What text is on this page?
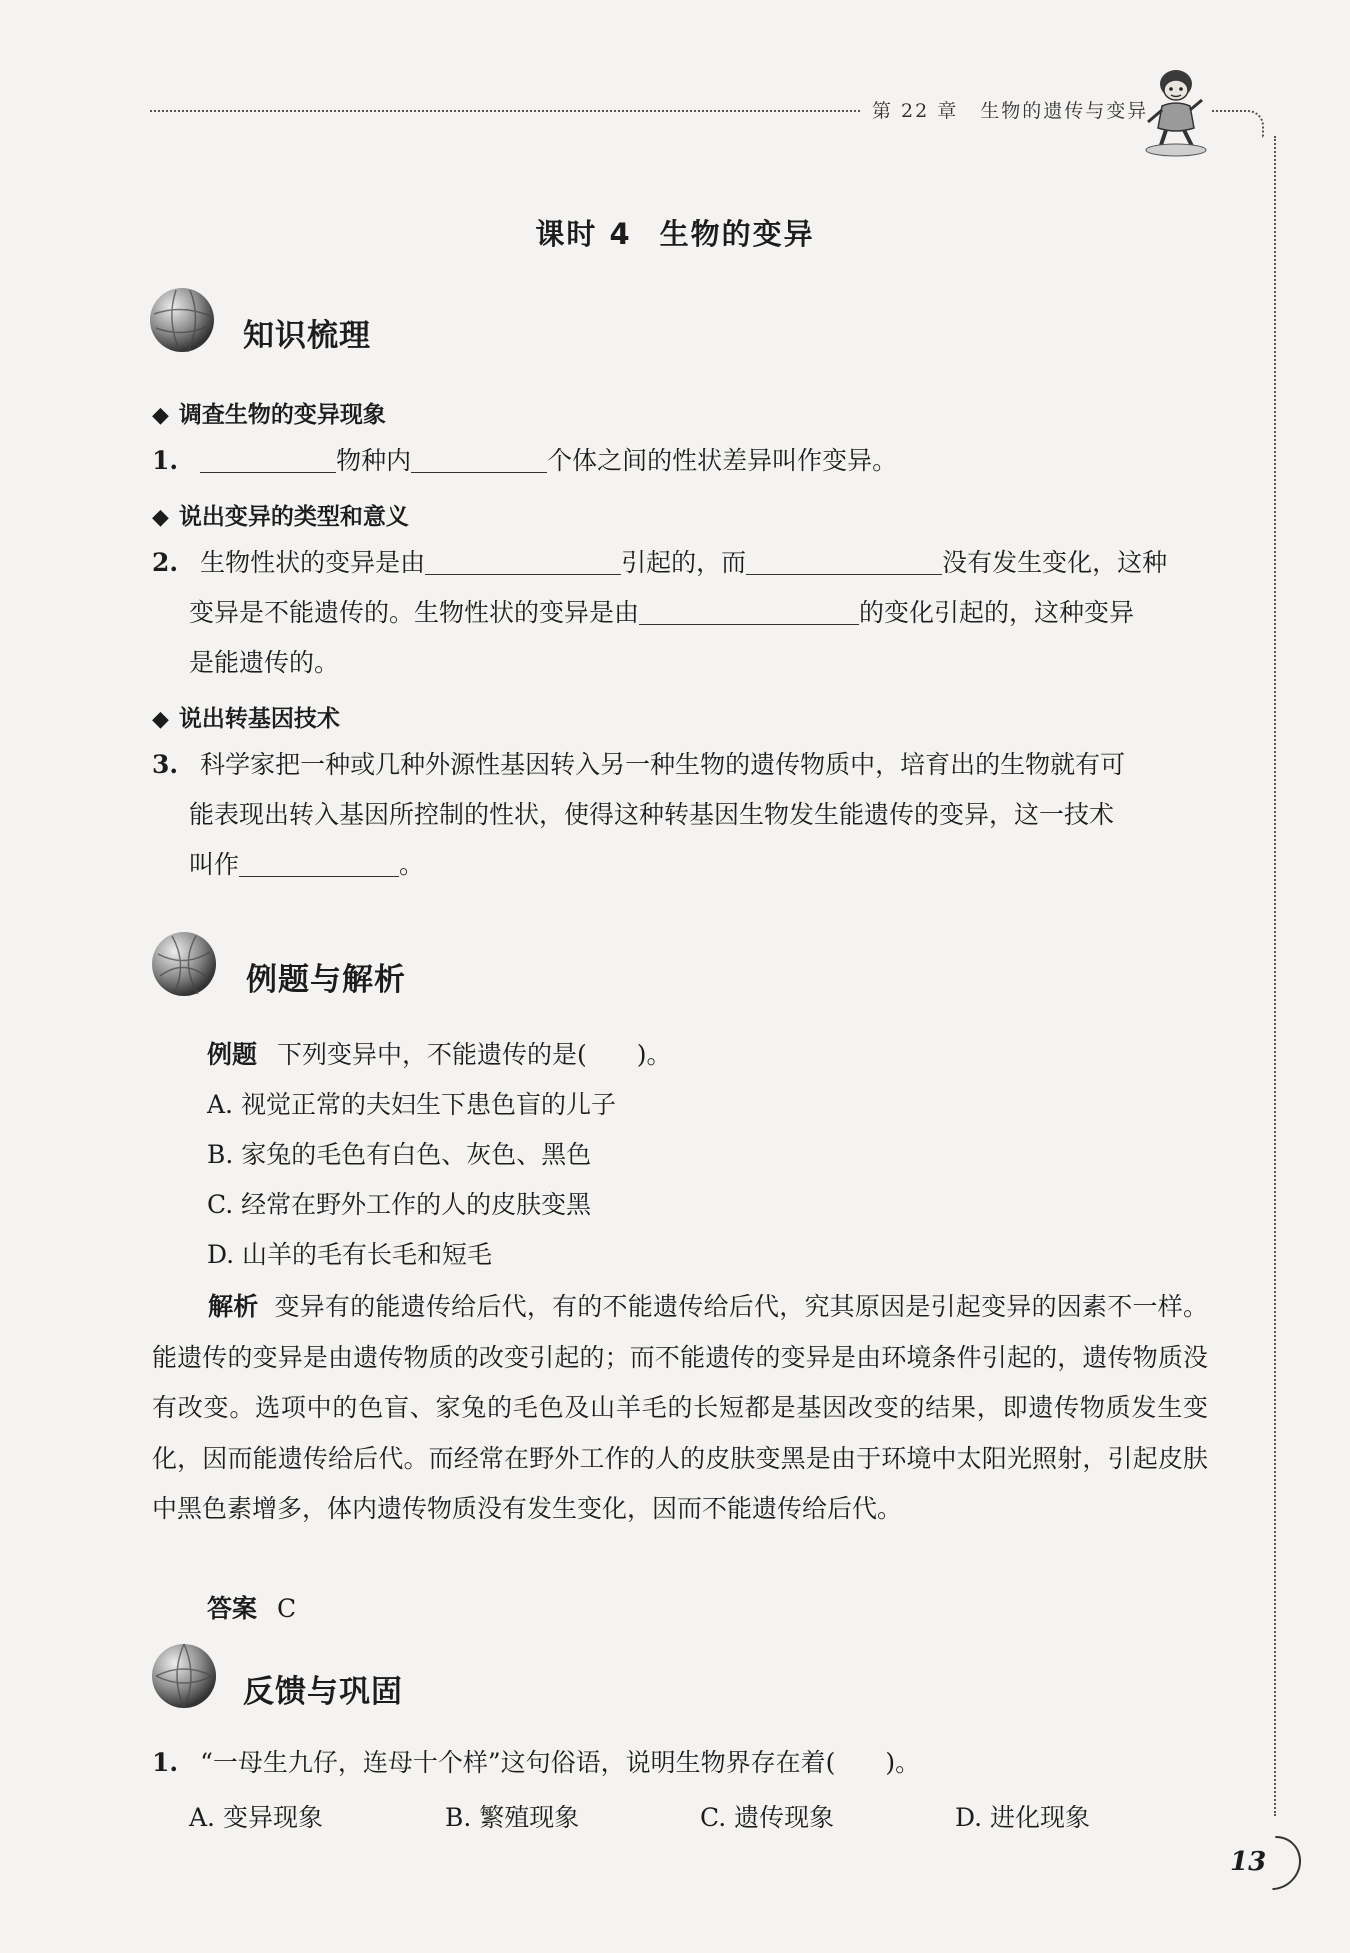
第 22 章 生物的遗传与变异
课时 4 生物的变异
知识梳理
◆ 调查生物的变异现象
1.	物种内	个体之间的性状差异叫作变异。
◆ 说出变异的类型和意义
2. 生物性状的变异是由	引起的，而	没有发生变化，这种
变异是不能遗传的。生物性状的变异是由	的变化引起的，这种变异
是能遗传的。
◆ 说出转基因技术
3. 科学家把一种或几种外源性基因转入另一种生物的遗传物质中，培育出的生物就有可
能表现出转入基因所控制的性状，使得这种转基因生物发生能遗传的变异，这一技术
叫作	。
例题与解析
例题 下列变异中，不能遗传的是(　　)。
A. 视觉正常的夫妇生下患色盲的儿子
B. 家兔的毛色有白色、灰色、黑色
C. 经常在野外工作的人的皮肤变黑
D. 山羊的毛有长毛和短毛
解析 变异有的能遗传给后代，有的不能遗传给后代，究其原因是引起变异的因素不一样。能遗传的变异是由遗传物质的改变引起的；而不能遗传的变异是由环境条件引起的，遗传物质没有改变。选项中的色盲、家兔的毛色及山羊毛的长短都是基因改变的结果，即遗传物质发生变化，因而能遗传给后代。而经常在野外工作的人的皮肤变黑是由于环境中太阳光照射，引起皮肤中黑色素增多，体内遗传物质没有发生变化，因而不能遗传给后代。
答案 C
反馈与巩固
1. “一母生九仔，连母十个样”这句俗语，说明生物界存在着(　　)。
A. 变异现象	B. 繁殖现象	C. 遗传现象	D. 进化现象
13
